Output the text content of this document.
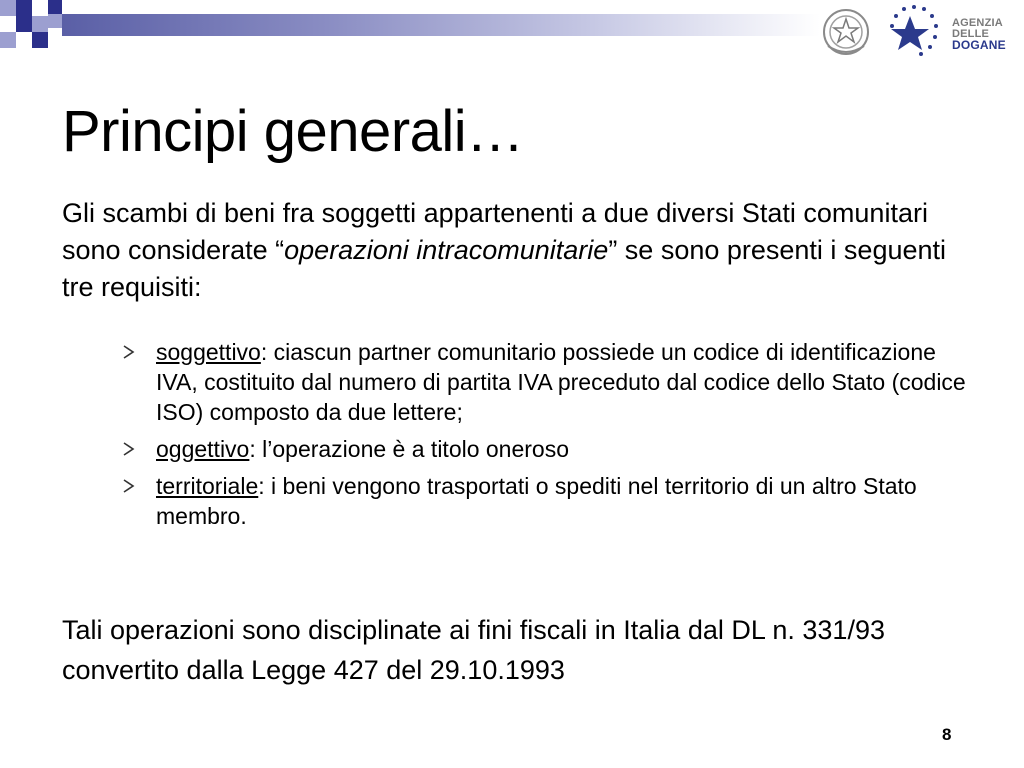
AGENZIA
DELLE
DOGANE
Principi generali…

Gli scambi di beni fra soggetti appartenenti a due diversi Stati comunitari sono considerate “operazioni intracomunitarie” se sono presenti i seguenti tre requisiti:

soggettivo: ciascun partner comunitario possiede un codice di identificazione IVA, costituito dal numero di partita IVA preceduto dal codice dello Stato (codice ISO) composto da due lettere;
oggettivo: l’operazione è a titolo oneroso
territoriale: i beni vengono trasportati o spediti nel territorio di un altro Stato membro.

Tali operazioni sono disciplinate ai fini fiscali in Italia dal DL n. 331/93 convertito dalla Legge 427 del 29.10.1993

8
